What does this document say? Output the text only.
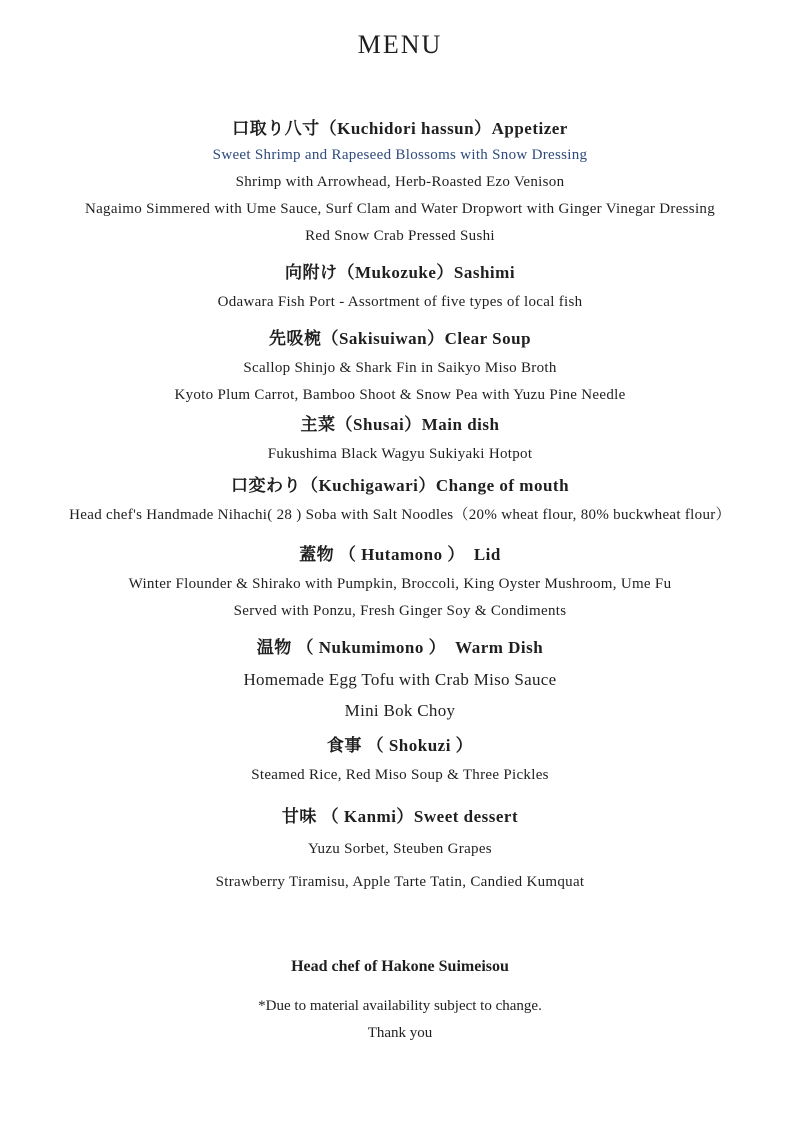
MENU
口取り八寸（Kuchidori hassun）Appetizer
Sweet Shrimp and Rapeseed Blossoms with Snow Dressing
Shrimp with Arrowhead, Herb-Roasted Ezo Venison
Nagaimo Simmered with Ume Sauce, Surf Clam and Water Dropwort with Ginger Vinegar Dressing
Red Snow Crab Pressed Sushi
向附け（Mukozuke）Sashimi
Odawara Fish Port - Assortment of five types of local fish
先吸椀（Sakisuiwan）Clear Soup
Scallop Shinjo & Shark Fin in Saikyo Miso Broth
Kyoto Plum Carrot, Bamboo Shoot & Snow Pea with Yuzu Pine Needle
主菜（Shusai）Main dish
Fukushima Black Wagyu Sukiyaki Hotpot
口変わり（Kuchigawari）Change of mouth
Head chef's Handmade Nihachi( 28 ) Soba with Salt Noodles（20% wheat flour, 80% buckwheat flour）
蓋物 （ Hutamono ）　Lid
Winter Flounder & Shirako with Pumpkin, Broccoli, King Oyster Mushroom, Ume Fu
Served with Ponzu, Fresh Ginger Soy & Condiments
温物 （ Nukumimono ）　Warm Dish
Homemade Egg Tofu with Crab Miso Sauce
Mini Bok Choy
食事 （ Shokuzi ）
Steamed Rice, Red Miso Soup & Three Pickles
甘味 （ Kanmi）Sweet dessert
Yuzu Sorbet, Steuben Grapes
Strawberry Tiramisu, Apple Tarte Tatin, Candied Kumquat
Head chef of Hakone Suimeisou
*Due to material availability subject to change.
Thank you
